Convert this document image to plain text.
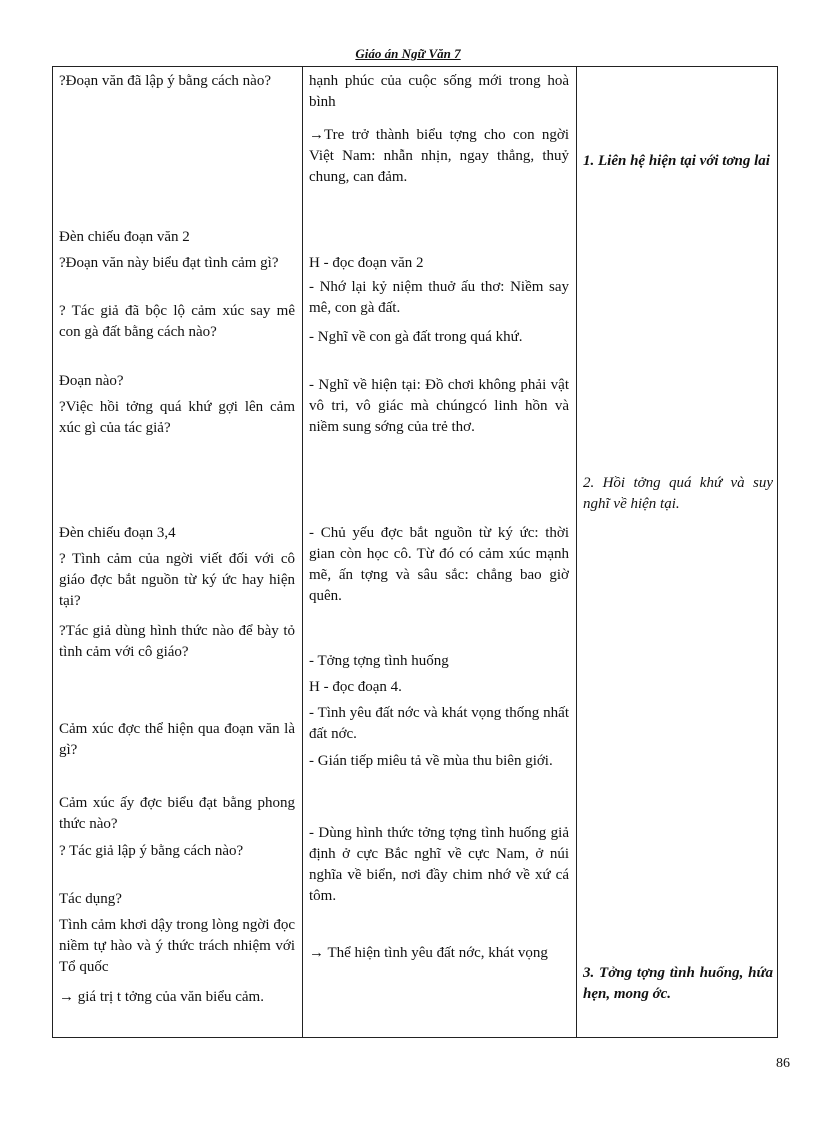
Giáo án Ngữ Văn 7

?Đoạn văn đã lập ý bằng cách nào?

Đèn chiếu đoạn văn 2

?Đoạn văn này biểu đạt tình cảm gì?

? Tác giả đã bộc lộ cảm xúc say mê con gà đất bằng cách nào?

Đoạn nào?

?Việc hồi tởng quá khứ gợi lên cảm xúc gì của tác giả?

Đèn chiếu đoạn 3,4

? Tình cảm của ngời viết đối với cô giáo đợc bắt nguồn từ ký ức hay hiện tại?

?Tác giả dùng hình thức nào để bày tỏ tình cảm với cô giáo?

Cảm xúc đợc thể hiện qua đoạn văn là gì?

Cảm xúc ấy đợc biểu đạt bằng phong thức nào?

? Tác giả lập ý bằng cách nào?

Tác dụng?

Tình cảm khơi dậy trong lòng ngời đọc niềm tự hào và ý thức trách nhiệm với Tổ quốc

→ giá trị t tởng của văn biểu cảm.

hạnh phúc của cuộc sống mới trong hoà bình

→Tre trở thành biểu tợng cho con ngời Việt Nam: nhẫn nhịn, ngay thẳng, thuỷ chung, can đảm.

H - đọc đoạn văn 2

- Nhớ lại kỷ niệm thuở ấu thơ: Niềm say mê, con gà đất.

- Nghĩ về con gà đất trong quá khứ.

- Nghĩ về hiện tại: Đồ chơi không phải vật vô tri, vô giác mà chúngcó linh hồn và niềm sung sớng của trẻ thơ.

- Chủ yếu đợc bắt nguồn từ ký ức: thời gian còn học cô. Từ đó có cảm xúc mạnh mẽ, ấn tợng và sâu sắc: chẳng bao giờ quên.

- Tởng tợng tình huống

H - đọc đoạn 4.

- Tình yêu đất nớc và khát vọng thống nhất đất nớc.

- Gián tiếp miêu tả về mùa thu biên giới.

- Dùng hình thức tởng tợng tình huống giả định ở cực Bắc nghĩ về cực Nam, ở núi nghĩa về biển, nơi đầy chim nhớ về xứ cá tôm.

→ Thể hiện tình yêu đất nớc, khát vọng

1. Liên hệ hiện tại với tơng lai

2. Hồi tởng quá khứ và suy nghĩ về hiện tại.

3. Tởng tợng tình huống, hứa hẹn, mong ớc.

86
